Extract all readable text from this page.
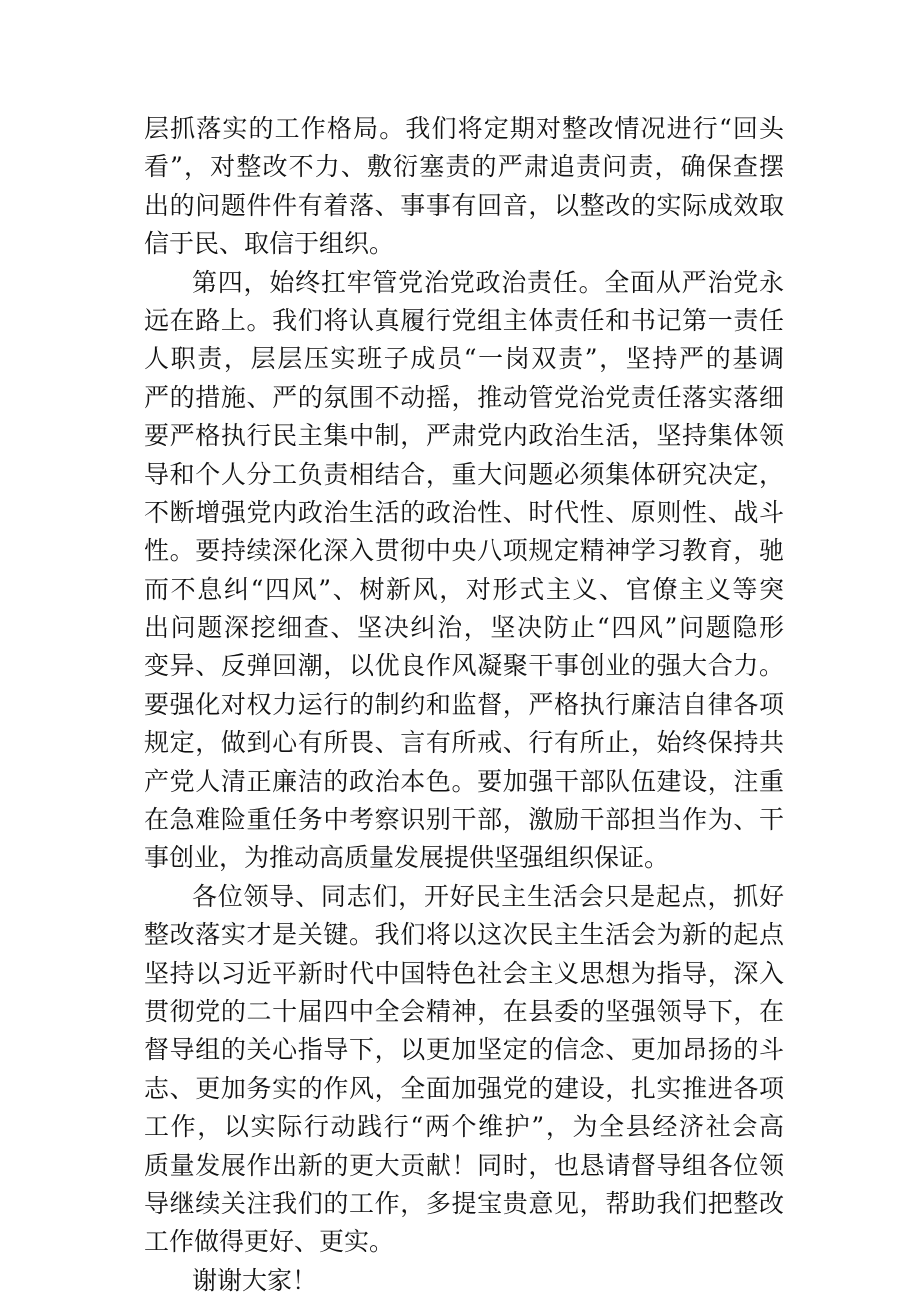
层抓落实的工作格局。我们将定期对整改情况进行“回头
看”，对整改不力、敷衍塞责的严肃追责问责，确保查摆
出的问题件件有着落、事事有回音，以整改的实际成效取
信于民、取信于组织。
第四，始终扛牢管党治党政治责任。全面从严治党永
远在路上。我们将认真履行党组主体责任和书记第一责任
人职责，层层压实班子成员“一岗双责”，坚持严的基调
严的措施、严的氛围不动摇，推动管党治党责任落实落细
要严格执行民主集中制，严肃党内政治生活，坚持集体领
导和个人分工负责相结合，重大问题必须集体研究决定，
不断增强党内政治生活的政治性、时代性、原则性、战斗
性。要持续深化深入贯彻中央八项规定精神学习教育，驰
而不息纠“四风”、树新风，对形式主义、官僚主义等突
出问题深挖细查、坚决纠治，坚决防止“四风”问题隐形
变异、反弹回潮，以优良作风凝聚干事创业的强大合力。
要强化对权力运行的制约和监督，严格执行廉洁自律各项
规定，做到心有所畏、言有所戒、行有所止，始终保持共
产党人清正廉洁的政治本色。要加强干部队伍建设，注重
在急难险重任务中考察识别干部，激励干部担当作为、干
事创业，为推动高质量发展提供坚强组织保证。
各位领导、同志们，开好民主生活会只是起点，抓好
整改落实才是关键。我们将以这次民主生活会为新的起点
坚持以习近平新时代中国特色社会主义思想为指导，深入
贯彻党的二十届四中全会精神，在县委的坚强领导下，在
督导组的关心指导下，以更加坚定的信念、更加昂扬的斗
志、更加务实的作风，全面加强党的建设，扎实推进各项
工作，以实际行动践行“两个维护”，为全县经济社会高
质量发展作出新的更大贡献！同时，也恳请督导组各位领
导继续关注我们的工作，多提宝贵意见，帮助我们把整改
工作做得更好、更实。
谢谢大家！
